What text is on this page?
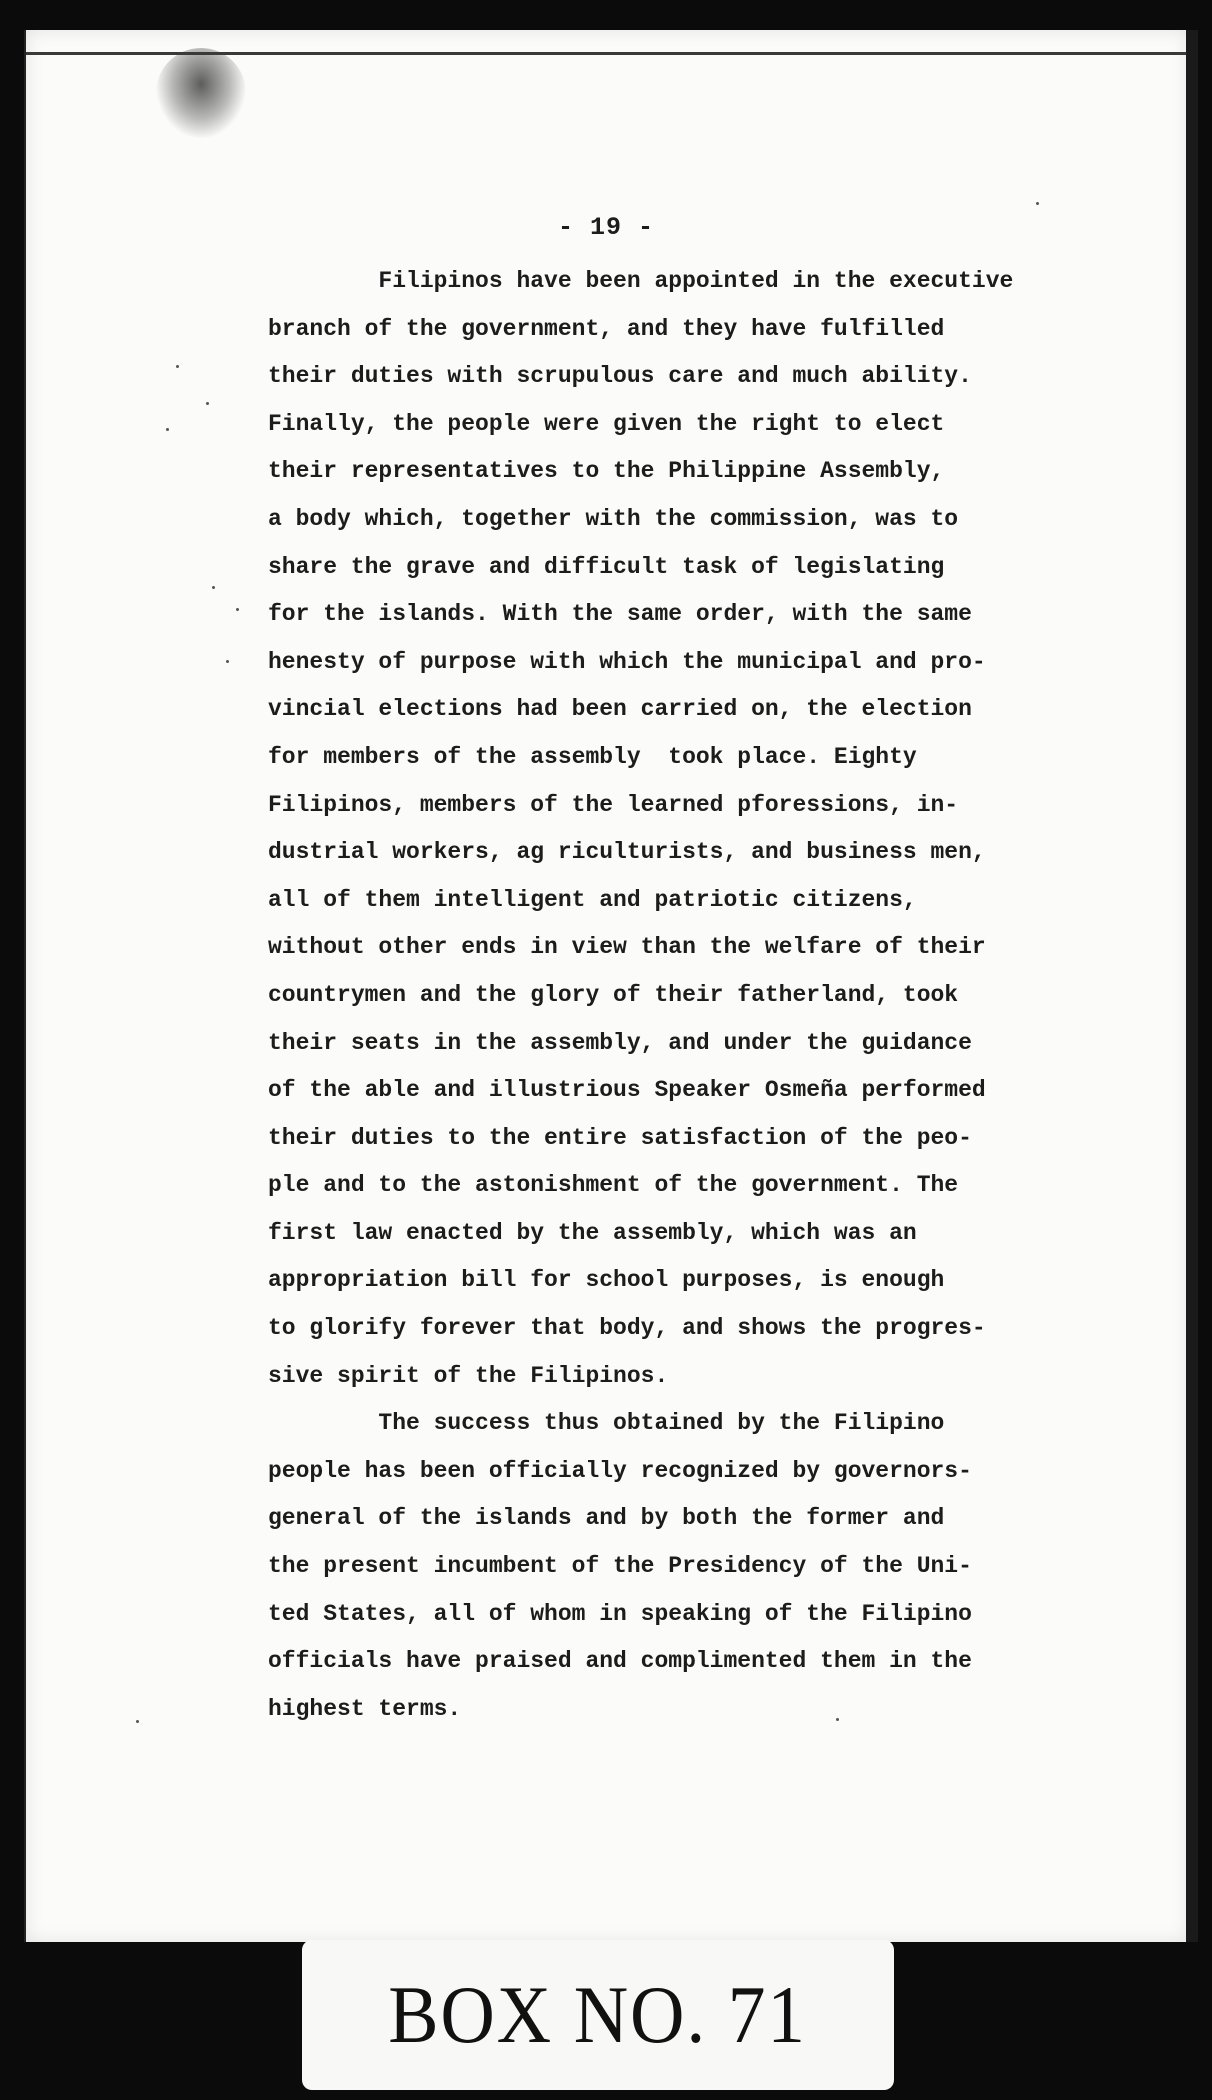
- 19 -
Filipinos have been appointed in the executive
branch of the government, and they have fulfilled
their duties with scrupulous care and much ability.
Finally, the people were given the right to elect
their representatives to the Philippine Assembly,
a body which, together with the commission, was to
share the grave and difficult task of legislating
for the islands. With the same order, with the same
henesty of purpose with which the municipal and pro-
vincial elections had been carried on, the election
for members of the assembly  took place. Eighty
Filipinos, members of the learned pforessions, in-
dustrial workers, ag riculturists, and business men,
all of them intelligent and patriotic citizens,
without other ends in view than the welfare of their
countrymen and the glory of their fatherland, took
their seats in the assembly, and under the guidance
of the able and illustrious Speaker Osmeña performed
their duties to the entire satisfaction of the peo-
ple and to the astonishment of the government. The
first law enacted by the assembly, which was an
appropriation bill for school purposes, is enough
to glorify forever that body, and shows the progres-
sive spirit of the Filipinos.
The success thus obtained by the Filipino
people has been officially recognized by governors-
general of the islands and by both the former and
the present incumbent of the Presidency of the Uni-
ted States, all of whom in speaking of the Filipino
officials have praised and complimented them in the
highest terms.
BOX NO. 71
